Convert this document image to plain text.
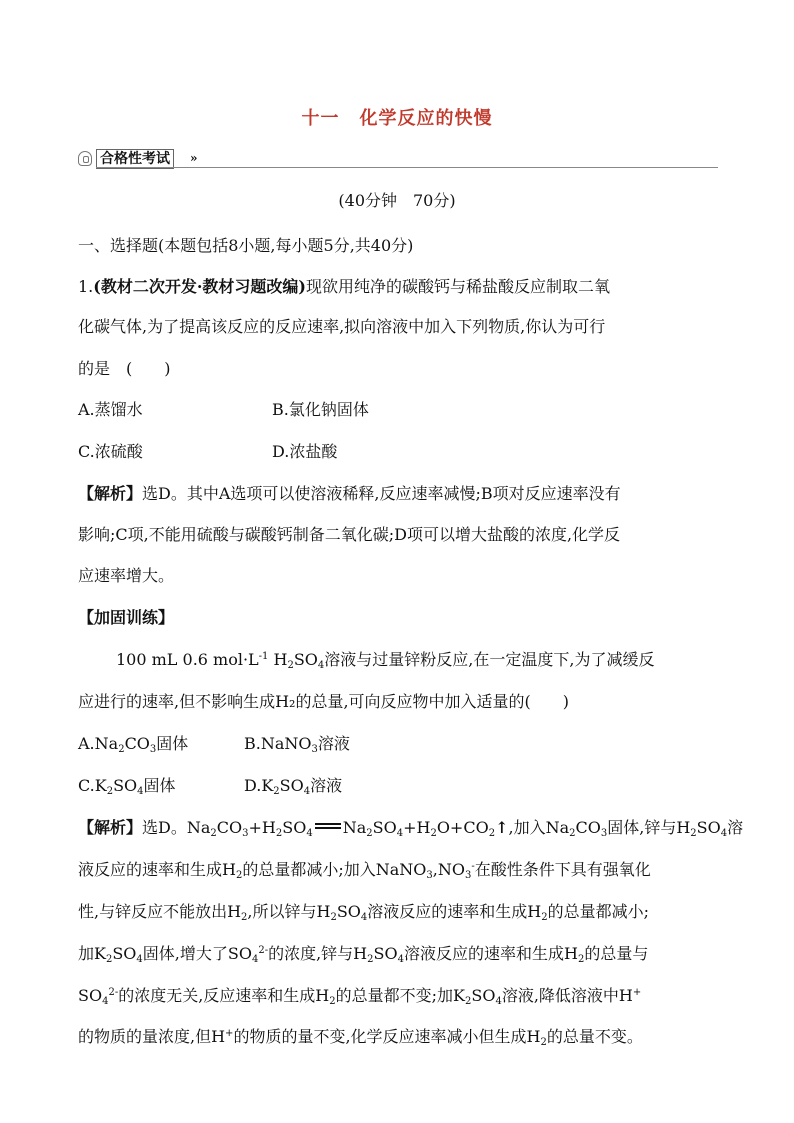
十一 化学反应的快慢
合格性考试	»
(40分钟　70分)
一、选择题(本题包括8小题,每小题5分,共40分)
1.(教材二次开发·教材习题改编)现欲用纯净的碳酸钙与稀盐酸反应制取二氧
化碳气体,为了提高该反应的反应速率,拟向溶液中加入下列物质,你认为可行
的是　(　　)
A.蒸馏水	B.氯化钠固体
C.浓硫酸	D.浓盐酸
【解析】选D。其中A选项可以使溶液稀释,反应速率减慢;B项对反应速率没有
影响;C项,不能用硫酸与碳酸钙制备二氧化碳;D项可以增大盐酸的浓度,化学反
应速率增大。
【加固训练】
100 mL 0.6 $mol\cdot L^{-1}$ $H_2SO_4$溶液与过量锌粉反应,在一定温度下,为了减缓反
应进行的速率,但不影响生成H₂的总量,可向反应物中加入适量的(　　)
$A.Na_2CO_3$固体	B.NaNO$_3$溶液
$C.K_2SO_4$固体	$D.K_2SO_4$溶液
【解析】选D。$Na_2CO_3+H_2SO_4$ $Na_2SO_4+H_2O+CO_2↑$,加入$Na_2CO_3$固体,锌与$H_2SO_4$溶
液反应的速率和生成$H_2$的总量都减小;加入$NaNO_3,NO_3^-$在酸性条件下具有强氧化
性,与锌反应不能放出$H_2$,所以锌与$H_2SO_4$溶液反应的速率和生成$H_2$的总量都减小;
加$K_2SO_4$固体,增大了$SO_4^{2-}$的浓度,锌与$H_2SO_4$溶液反应的速率和生成$H_2$的总量与
$SO_4^{2-}$的浓度无关,反应速率和生成$H_2$的总量都不变;加$K_2SO_4$溶液,降低溶液中H+
的物质的量浓度,但H+的物质的量不变,化学反应速率减小但生成$H_2$的总量不变。
